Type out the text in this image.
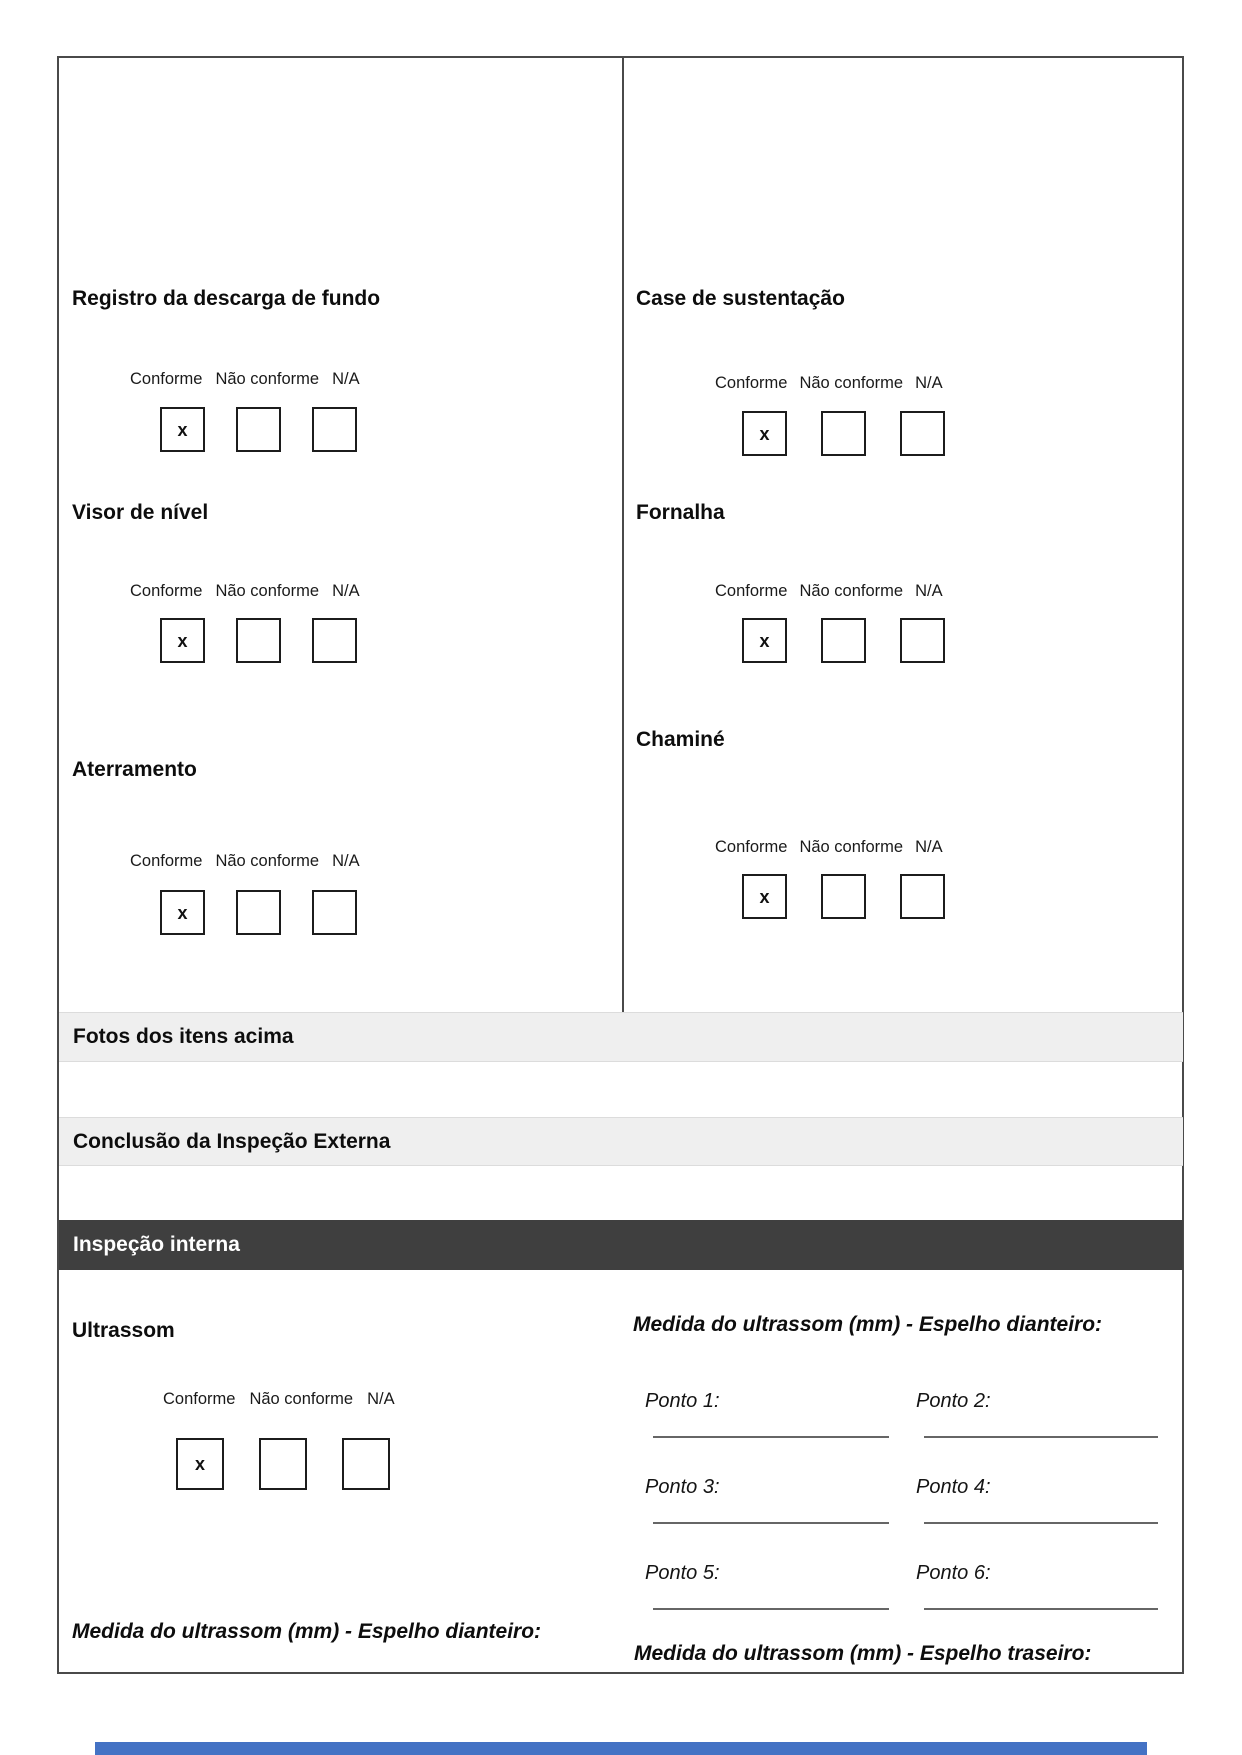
Registro da descarga de fundo
Conforme Não conforme N/A
x
Visor de nível
Conforme Não conforme N/A
x
Aterramento
Conforme Não conforme N/A
x
Case de sustentação
Conforme Não conforme N/A
x
Fornalha
Conforme Não conforme N/A
x
Chaminé
Conforme Não conforme N/A
x
Fotos dos itens acima
Conclusão da Inspeção Externa
Inspeção interna
Ultrassom
Conforme Não conforme N/A
x
Medida do ultrassom (mm) - Espelho dianteiro:
Ponto 1:	Ponto 2:
Ponto 3:	Ponto 4:
Ponto 5:	Ponto 6:
Medida do ultrassom (mm) - Espelho dianteiro:
Medida do ultrassom (mm) - Espelho traseiro:
